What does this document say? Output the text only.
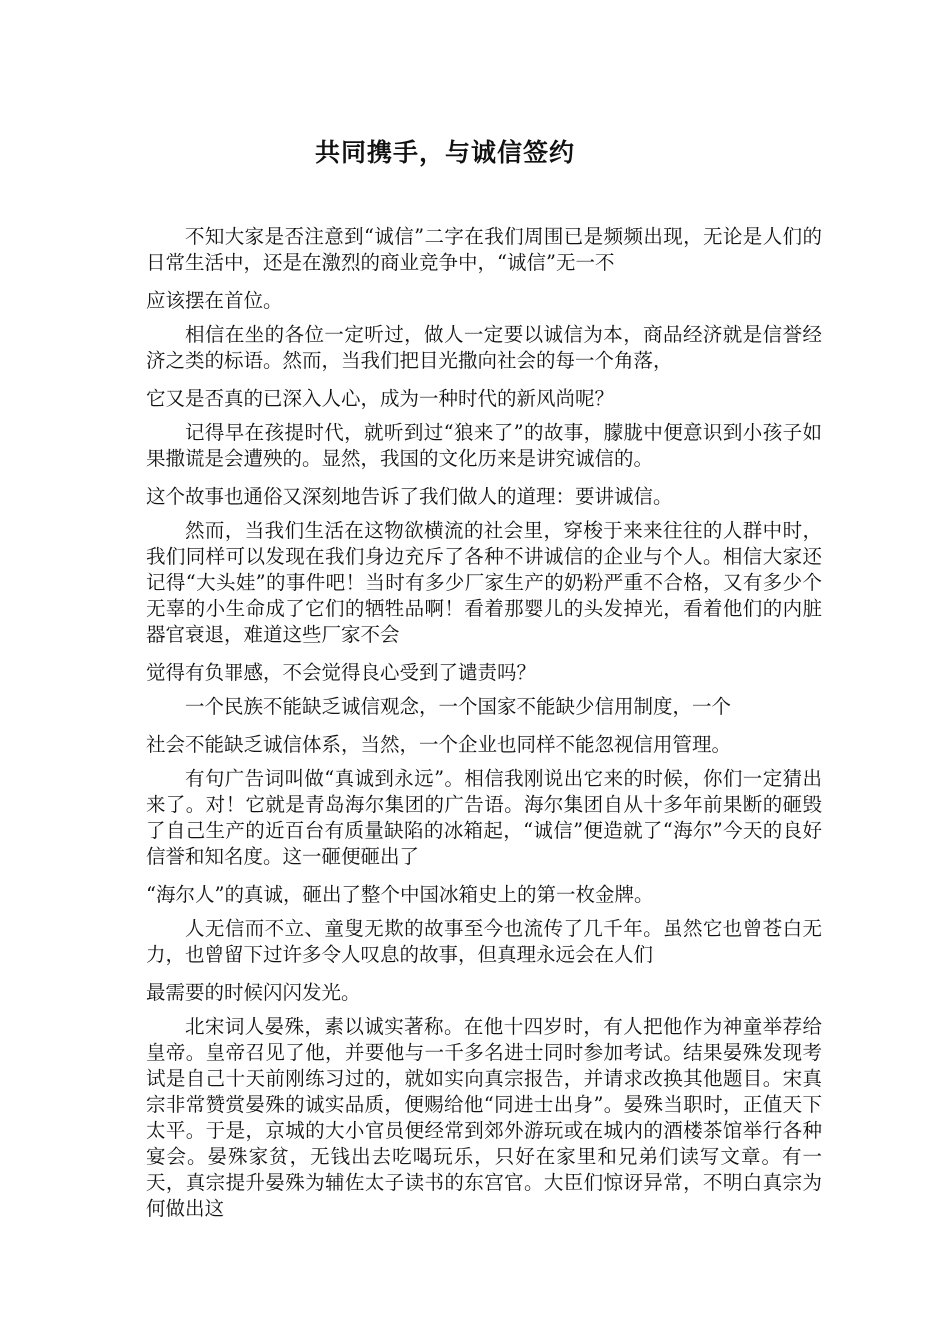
共同携手，与诚信签约

不知大家是否注意到“诚信”二字在我们周围已是频频出现，无论是人们的日常生活中，还是在激烈的商业竞争中，“诚信”无一不
应该摆在首位。

相信在坐的各位一定听过，做人一定要以诚信为本，商品经济就是信誉经济之类的标语。然而，当我们把目光撒向社会的每一个角落，
它又是否真的已深入人心，成为一种时代的新风尚呢？

记得早在孩提时代，就听到过“狼来了”的故事，朦胧中便意识到小孩子如果撒谎是会遭殃的。显然，我国的文化历来是讲究诚信的。
这个故事也通俗又深刻地告诉了我们做人的道理：要讲诚信。

然而，当我们生活在这物欲横流的社会里，穿梭于来来往往的人群中时，我们同样可以发现在我们身边充斥了各种不讲诚信的企业与个人。相信大家还记得“大头娃”的事件吧！当时有多少厂家生产的奶粉严重不合格，又有多少个无辜的小生命成了它们的牺牲品啊！看着那婴儿的头发掉光，看着他们的内脏器官衰退，难道这些厂家不会
觉得有负罪感，不会觉得良心受到了谴责吗？

一个民族不能缺乏诚信观念，一个国家不能缺少信用制度，一个
社会不能缺乏诚信体系，当然，一个企业也同样不能忽视信用管理。

有句广告词叫做“真诚到永远”。相信我刚说出它来的时候，你们一定猜出来了。对！它就是青岛海尔集团的广告语。海尔集团自从十多年前果断的砸毁了自己生产的近百台有质量缺陷的冰箱起，“诚信”便造就了“海尔”今天的良好信誉和知名度。这一砸便砸出了
“海尔人”的真诚，砸出了整个中国冰箱史上的第一枚金牌。

人无信而不立、童叟无欺的故事至今也流传了几千年。虽然它也曾苍白无力，也曾留下过许多令人叹息的故事，但真理永远会在人们
最需要的时候闪闪发光。

北宋词人晏殊，素以诚实著称。在他十四岁时，有人把他作为神童举荐给皇帝。皇帝召见了他，并要他与一千多名进士同时参加考试。结果晏殊发现考试是自己十天前刚练习过的，就如实向真宗报告，并请求改换其他题目。宋真宗非常赞赏晏殊的诚实品质，便赐给他“同进士出身”。晏殊当职时，正值天下太平。于是，京城的大小官员便经常到郊外游玩或在城内的酒楼茶馆举行各种宴会。晏殊家贫，无钱出去吃喝玩乐，只好在家里和兄弟们读写文章。有一天，真宗提升晏殊为辅佐太子读书的东宫官。大臣们惊讶异常，不明白真宗为何做出这
